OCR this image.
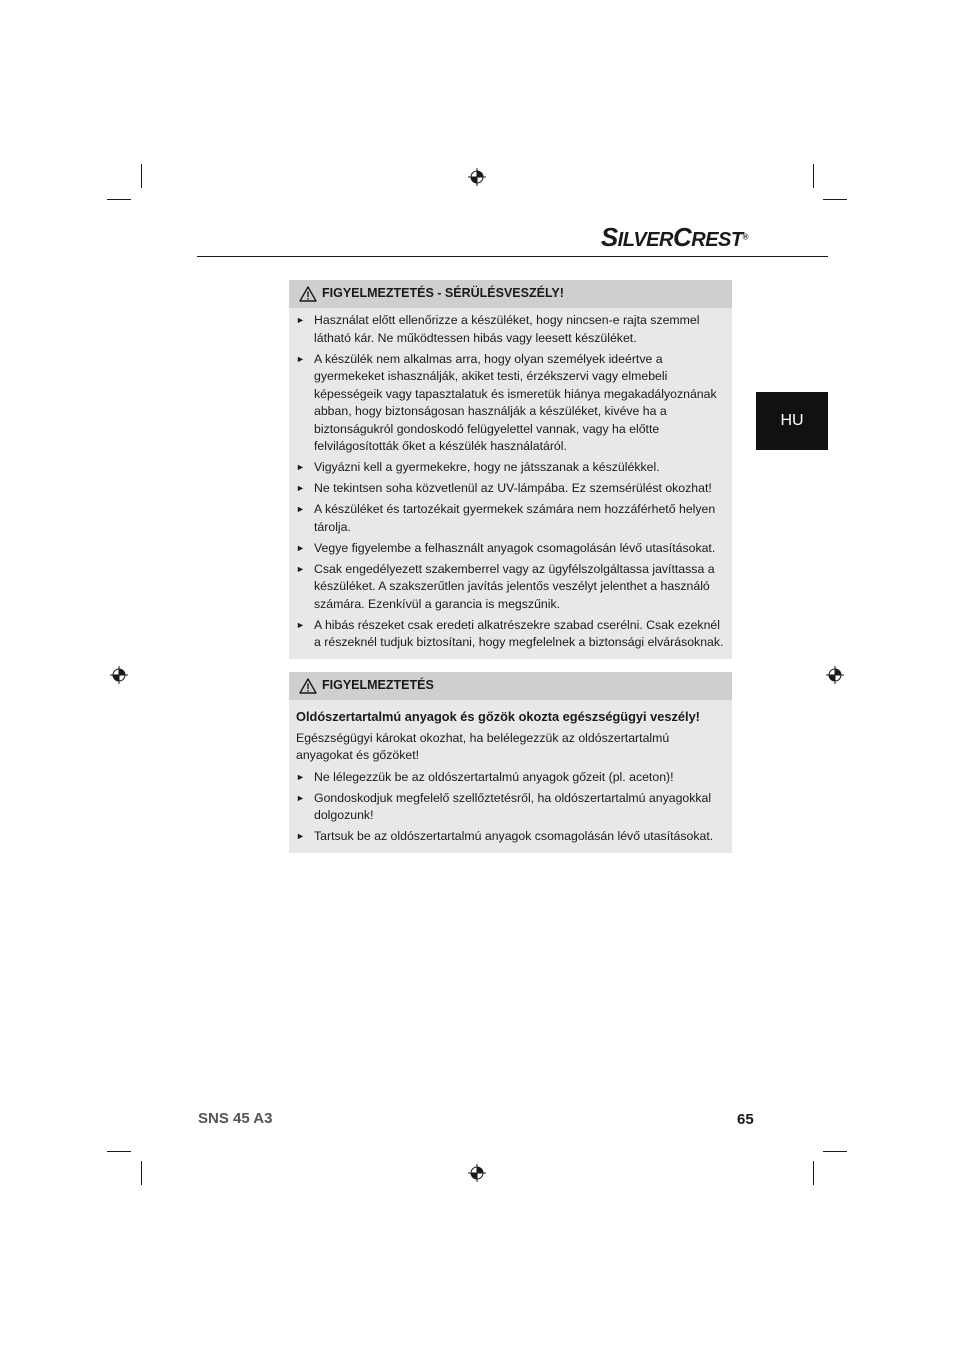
SILVERCREST®
HU
FIGYELMEZTETÉS - SÉRÜLÉSVESZÉLY!
► Használat előtt ellenőrizze a készüléket, hogy nincsen-e rajta szemmel látható kár. Ne működtessen hibás vagy leesett készüléket.
► A készülék nem alkalmas arra, hogy olyan személyek ideértve a gyermekeket ishasználják, akiket testi, érzékszervi vagy elmebeli képességeik vagy tapasztalatuk és ismeretük hiánya megakadályoznának abban, hogy biztonságosan használják a készüléket, kivéve ha a biztonságukról gondoskodó felügyelettel vannak, vagy ha előtte felvilágosították őket a készülék használatáról.
► Vigyázni kell a gyermekekre, hogy ne játsszanak a készülékkel.
► Ne tekintsen soha közvetlenül az UV-lámpába. Ez szemsérülést okozhat!
► A készüléket és tartozékait gyermekek számára nem hozzáférhető helyen tárolja.
► Vegye figyelembe a felhasznált anyagok csomagolásán lévő utasításokat.
► Csak engedélyezett szakemberrel vagy az ügyfélszolgáltassa javíttassa a készüléket. A szakszerűtlen javítás jelentős veszélyt jelenthet a használó számára. Ezenkívül a garancia is megszűnik.
► A hibás részeket csak eredeti alkatrészekre szabad cserélni. Csak ezeknél a részeknél tudjuk biztosítani, hogy megfelelnek a biztonsági elvárásoknak.
FIGYELMEZTETÉS
Oldószertartalmú anyagok és gőzök okozta egészségügyi veszély!
Egészségügyi károkat okozhat, ha belélegezzük az oldószertartalmú anyagokat és gőzöket!
► Ne lélegezzük be az oldószertartalmú anyagok gőzeit (pl. aceton)!
► Gondoskodjuk megfelelő szellőztetésről, ha oldószertartalmú anyagokkal dolgozunk!
► Tartsuk be az oldószertartalmú anyagok csomagolásán lévő utasításokat.
SNS 45 A3	65
